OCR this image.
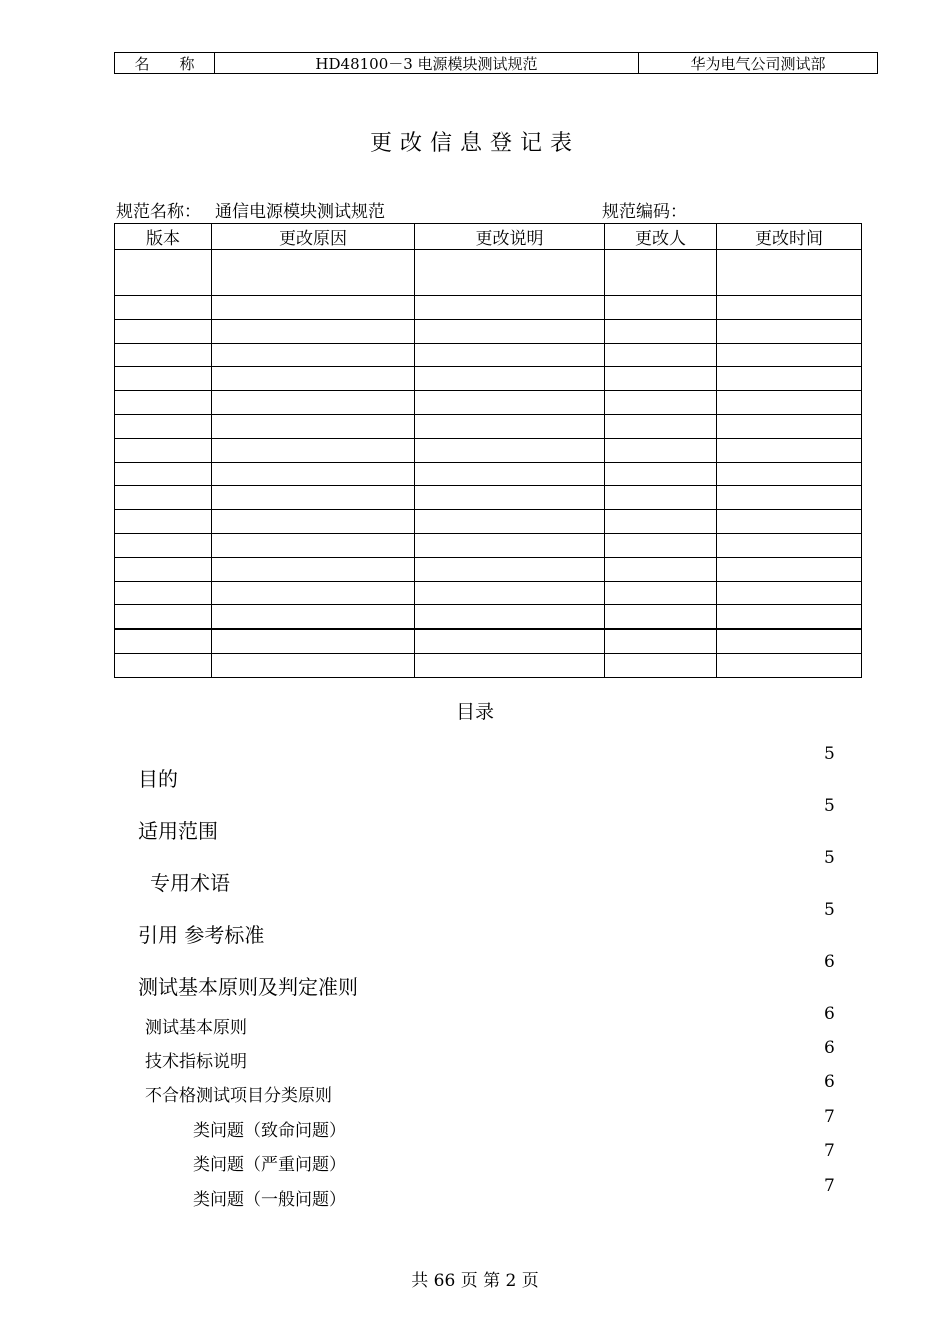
名　　称	HD48100－3 电源模块测试规范	华为电气公司测试部
更改信息登记表
规范名称： 通信电源模块测试规范	规范编码：
版本	更改原因	更改说明	更改人	更改时间

目录
目的
5
适用范围
5
专用术语
5
引用 参考标准
5
测试基本原则及判定准则
6
测试基本原则
6
技术指标说明
6
不合格测试项目分类原则
6
类问题（致命问题）
7
类问题（严重问题）
7
类问题（一般问题）
7
共 66 页 第 2 页
